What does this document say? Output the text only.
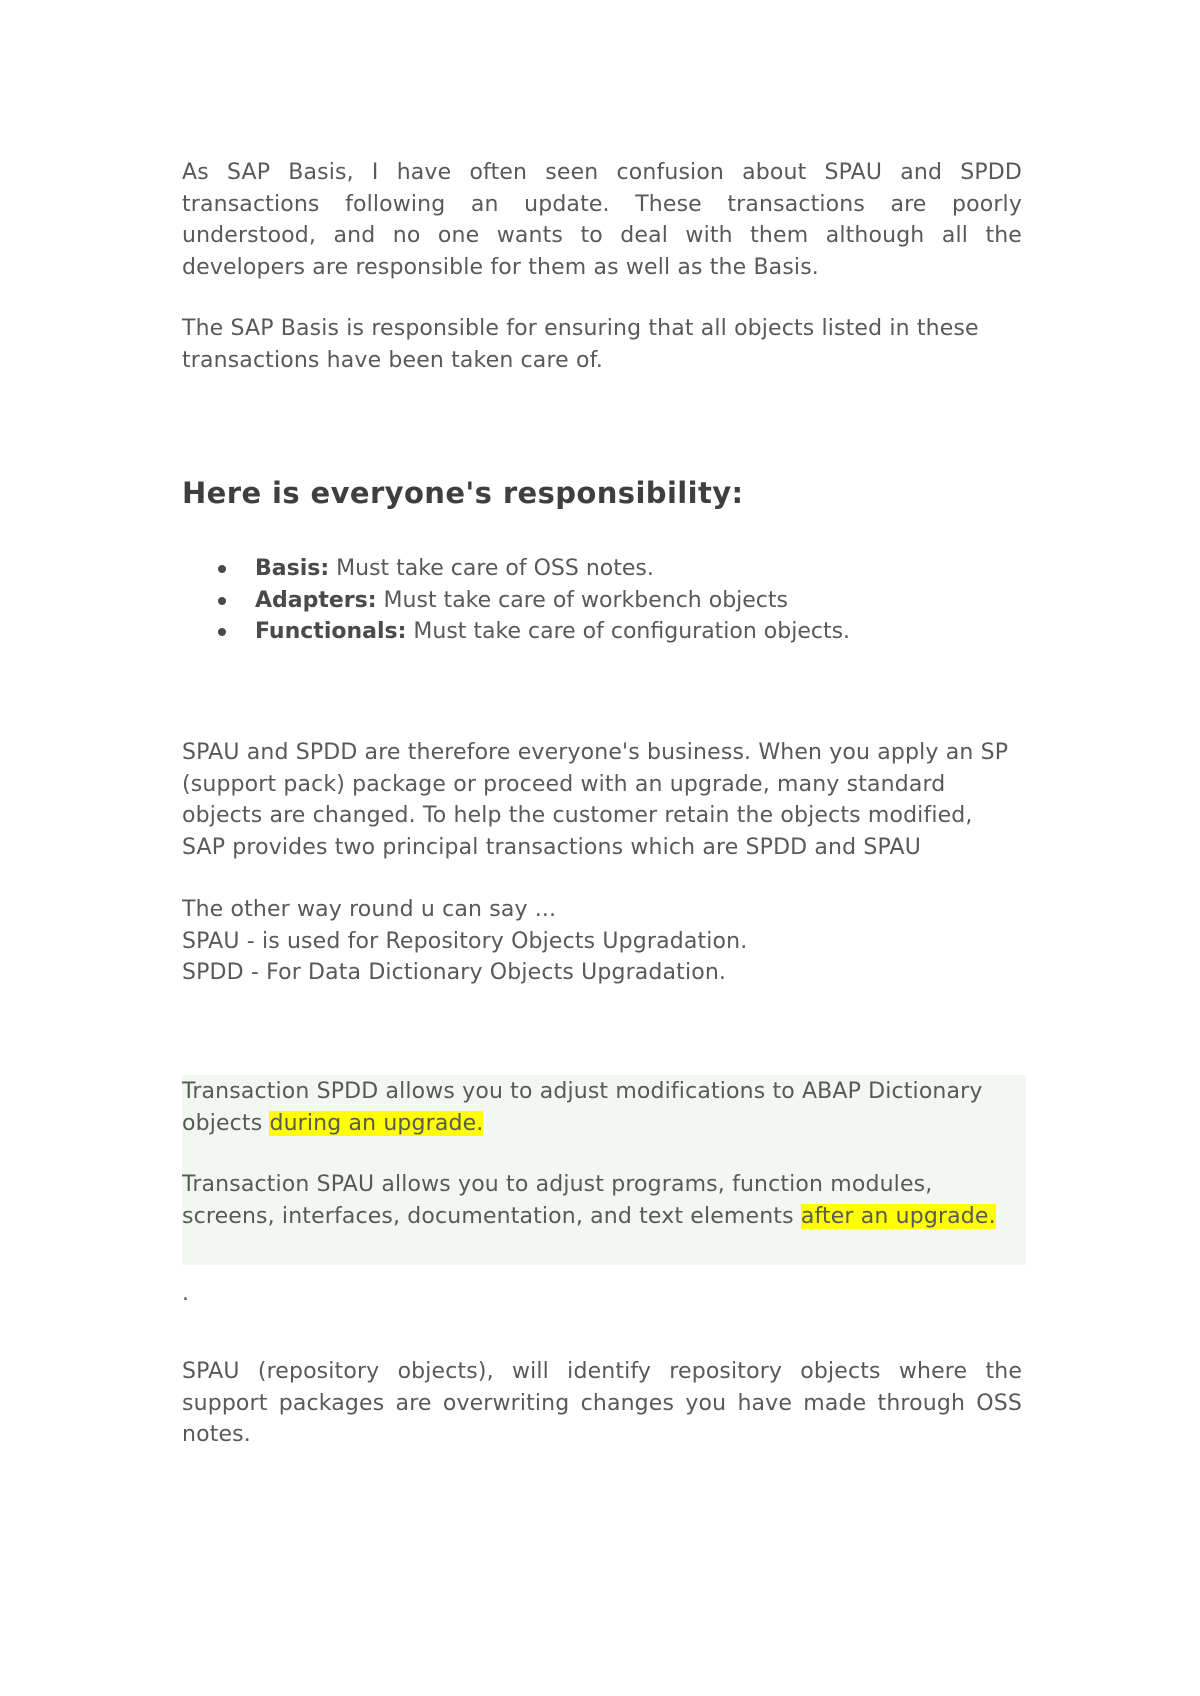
As SAP Basis, I have often seen confusion about SPAU and SPDD transactions following an update. These transactions are poorly understood, and no one wants to deal with them although all the developers are responsible for them as well as the Basis.

The SAP Basis is responsible for ensuring that all objects listed in these transactions have been taken care of.

Here is everyone's responsibility:
Basis: Must take care of OSS notes.
Adapters: Must take care of workbench objects
Functionals: Must take care of configuration objects.

SPAU and SPDD are therefore everyone's business. When you apply an SP (support pack) package or proceed with an upgrade, many standard objects are changed. To help the customer retain the objects modified, SAP provides two principal transactions which are SPDD and SPAU

The other way round u can say ...
SPAU - is used for Repository Objects Upgradation.
SPDD - For Data Dictionary Objects Upgradation.

Transaction SPDD allows you to adjust modifications to ABAP Dictionary objects during an upgrade.

Transaction SPAU allows you to adjust programs, function modules, screens, interfaces, documentation, and text elements after an upgrade.

.

SPAU (repository objects), will identify repository objects where the support packages are overwriting changes you have made through OSS notes.
